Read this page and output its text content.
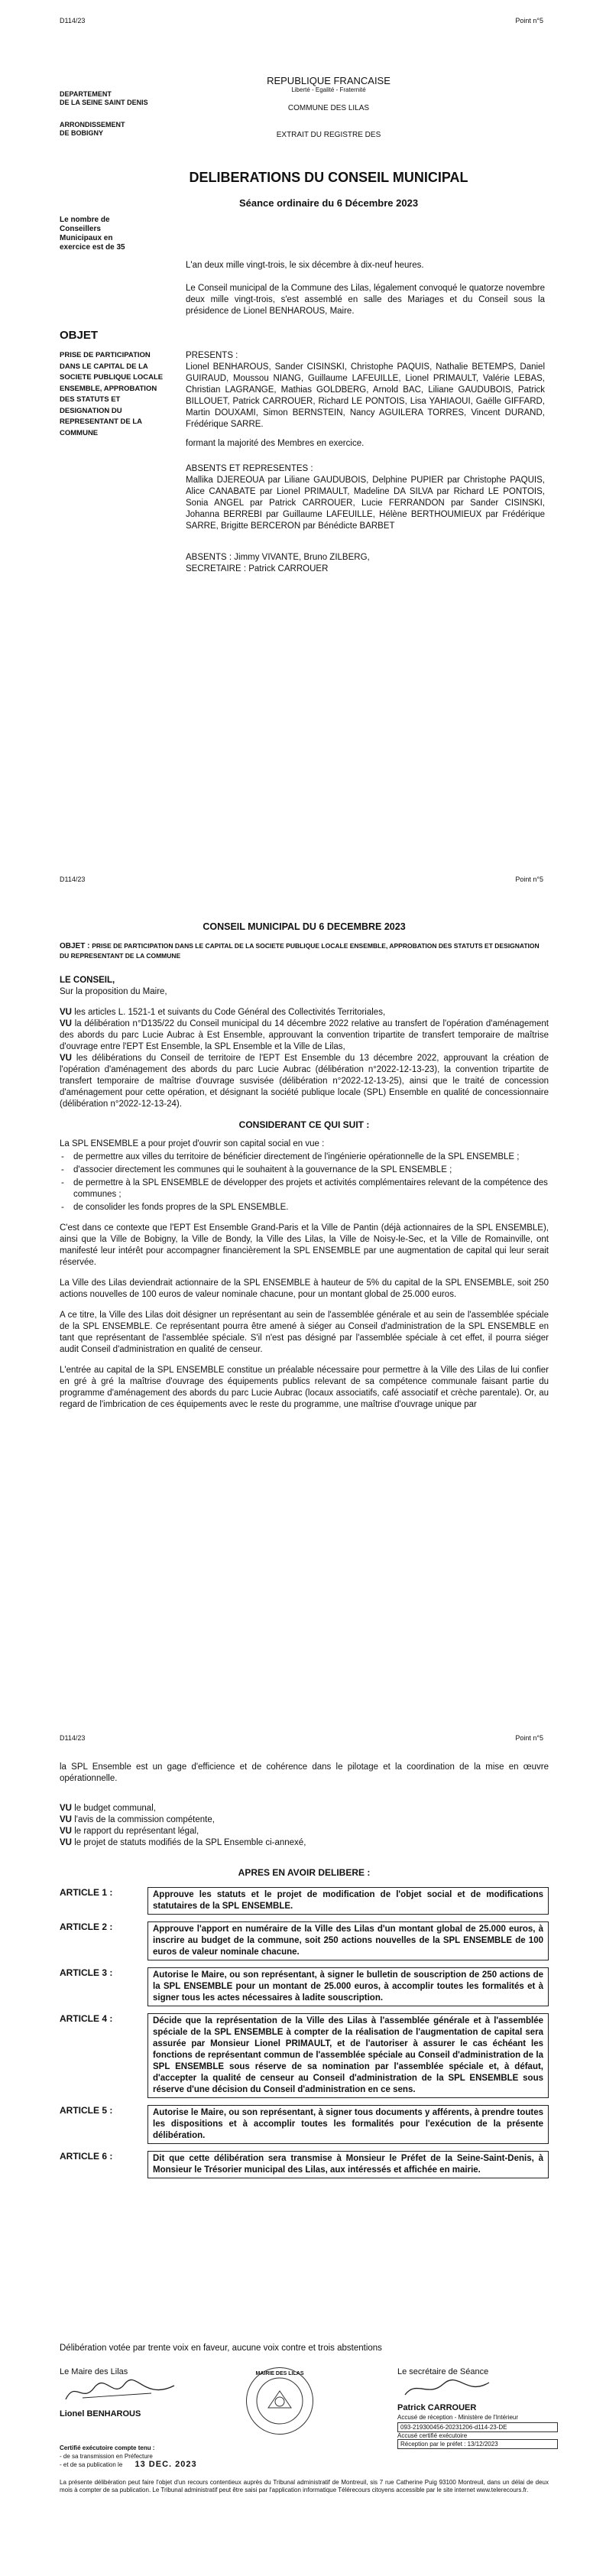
D114/23	Point n°5
DEPARTEMENT
DE LA SEINE SAINT DENIS
ARRONDISSEMENT
DE BOBIGNY
REPUBLIQUE FRANCAISE
Liberté - Egalité - Fraternité
COMMUNE DES LILAS
EXTRAIT DU REGISTRE DES
DELIBERATIONS DU CONSEIL MUNICIPAL
Séance ordinaire du 6 Décembre 2023
Le nombre de Conseillers Municipaux en exercice est de 35
L'an deux mille vingt-trois, le six décembre à dix-neuf heures.
Le Conseil municipal de la Commune des Lilas, légalement convoqué le quatorze novembre deux mille vingt-trois, s'est assemblé en salle des Mariages et du Conseil sous la présidence de Lionel BENHAROUS, Maire.
OBJET
PRISE DE PARTICIPATION DANS LE CAPITAL DE LA SOCIETE PUBLIQUE LOCALE ENSEMBLE, APPROBATION DES STATUTS ET DESIGNATION DU REPRESENTANT DE LA COMMUNE
PRESENTS :
Lionel BENHAROUS, Sander CISINSKI, Christophe PAQUIS, Nathalie BETEMPS, Daniel GUIRAUD, Moussou NIANG, Guillaume LAFEUILLE, Lionel PRIMAULT, Valérie LEBAS, Christian LAGRANGE, Mathias GOLDBERG, Arnold BAC, Liliane GAUDUBOIS, Patrick BILLOUET, Patrick CARROUER, Richard LE PONTOIS, Lisa YAHIAOUI, Gaëlle GIFFARD, Martin DOUXAMI, Simon BERNSTEIN, Nancy AGUILERA TORRES, Vincent DURAND, Frédérique SARRE.
formant la majorité des Membres en exercice.
ABSENTS ET REPRESENTES :
Mallika DJEREOUA par Liliane GAUDUBOIS, Delphine PUPIER par Christophe PAQUIS, Alice CANABATE par Lionel PRIMAULT, Madeline DA SILVA par Richard LE PONTOIS, Sonia ANGEL par Patrick CARROUER, Lucie FERRANDON par Sander CISINSKI, Johanna BERREBI par Guillaume LAFEUILLE, Hélène BERTHOUMIEUX par Frédérique SARRE, Brigitte BERCERON par Bénédicte BARBET
ABSENTS : Jimmy VIVANTE, Bruno ZILBERG,
SECRETAIRE : Patrick CARROUER
D114/23	Point n°5
CONSEIL MUNICIPAL DU 6 DECEMBRE 2023
OBJET : PRISE DE PARTICIPATION DANS LE CAPITAL DE LA SOCIETE PUBLIQUE LOCALE ENSEMBLE, APPROBATION DES STATUTS ET DESIGNATION DU REPRESENTANT DE LA COMMUNE
LE CONSEIL,
Sur la proposition du Maire,
VU les articles L. 1521-1 et suivants du Code Général des Collectivités Territoriales,
VU la délibération n°D135/22 du Conseil municipal du 14 décembre 2022 relative au transfert de l'opération d'aménagement des abords du parc Lucie Aubrac à Est Ensemble, approuvant la convention tripartite de transfert temporaire de maîtrise d'ouvrage entre l'EPT Est Ensemble, la SPL Ensemble et la Ville de Lilas,
VU les délibérations du Conseil de territoire de l'EPT Est Ensemble du 13 décembre 2022, approuvant la création de l'opération d'aménagement des abords du parc Lucie Aubrac (délibération n°2022-12-13-23), la convention tripartite de transfert temporaire de maîtrise d'ouvrage susvisée (délibération n°2022-12-13-25), ainsi que le traité de concession d'aménagement pour cette opération, et désignant la société publique locale (SPL) Ensemble en qualité de concessionnaire (délibération n°2022-12-13-24).
CONSIDERANT CE QUI SUIT :
La SPL ENSEMBLE a pour projet d'ouvrir son capital social en vue :
- de permettre aux villes du territoire de bénéficier directement de l'ingénierie opérationnelle de la SPL ENSEMBLE ;
- d'associer directement les communes qui le souhaitent à la gouvernance de la SPL ENSEMBLE ;
- de permettre à la SPL ENSEMBLE de développer des projets et activités complémentaires relevant de la compétence des communes ;
- de consolider les fonds propres de la SPL ENSEMBLE.
C'est dans ce contexte que l'EPT Est Ensemble Grand-Paris et la Ville de Pantin (déjà actionnaires de la SPL ENSEMBLE), ainsi que la Ville de Bobigny, la Ville de Bondy, la Ville des Lilas, la Ville de Noisy-le-Sec, et la Ville de Romainville, ont manifesté leur intérêt pour accompagner financièrement la SPL ENSEMBLE par une augmentation de capital qui leur serait réservée.
La Ville des Lilas deviendrait actionnaire de la SPL ENSEMBLE à hauteur de 5% du capital de la SPL ENSEMBLE, soit 250 actions nouvelles de 100 euros de valeur nominale chacune, pour un montant global de 25.000 euros.
A ce titre, la Ville des Lilas doit désigner un représentant au sein de l'assemblée générale et au sein de l'assemblée spéciale de la SPL ENSEMBLE. Ce représentant pourra être amené à siéger au Conseil d'administration de la SPL ENSEMBLE en tant que représentant de l'assemblée spéciale. S'il n'est pas désigné par l'assemblée spéciale à cet effet, il pourra siéger audit Conseil d'administration en qualité de censeur.
L'entrée au capital de la SPL ENSEMBLE constitue un préalable nécessaire pour permettre à la Ville des Lilas de lui confier en gré à gré la maîtrise d'ouvrage des équipements publics relevant de sa compétence communale faisant partie du programme d'aménagement des abords du parc Lucie Aubrac (locaux associatifs, café associatif et crèche parentale). Or, au regard de l'imbrication de ces équipements avec le reste du programme, une maîtrise d'ouvrage unique par
D114/23	Point n°5
la SPL Ensemble est un gage d'efficience et de cohérence dans le pilotage et la coordination de la mise en œuvre opérationnelle.
VU le budget communal,
VU l'avis de la commission compétente,
VU le rapport du représentant légal,
VU le projet de statuts modifiés de la SPL Ensemble ci-annexé,
APRES EN AVOIR DELIBERE :
ARTICLE 1 :	Approuve les statuts et le projet de modification de l'objet social et de modifications statutaires de la SPL ENSEMBLE.
ARTICLE 2 :	Approuve l'apport en numéraire de la Ville des Lilas d'un montant global de 25.000 euros, à inscrire au budget de la commune, soit 250 actions nouvelles de la SPL ENSEMBLE de 100 euros de valeur nominale chacune.
ARTICLE 3 :	Autorise le Maire, ou son représentant, à signer le bulletin de souscription de 250 actions de la SPL ENSEMBLE pour un montant de 25.000 euros, à accomplir toutes les formalités et à signer tous les actes nécessaires à ladite souscription.
ARTICLE 4 :	Décide que la représentation de la Ville des Lilas à l'assemblée générale et à l'assemblée spéciale de la SPL ENSEMBLE à compter de la réalisation de l'augmentation de capital sera assurée par Monsieur Lionel PRIMAULT, et de l'autoriser à assurer le cas échéant les fonctions de représentant commun de l'assemblée spéciale au Conseil d'administration de la SPL ENSEMBLE sous réserve de sa nomination par l'assemblée spéciale et, à défaut, d'accepter la qualité de censeur au Conseil d'administration de la SPL ENSEMBLE sous réserve d'une décision du Conseil d'administration en ce sens.
ARTICLE 5 :	Autorise le Maire, ou son représentant, à signer tous documents y afférents, à prendre toutes les dispositions et à accomplir toutes les formalités pour l'exécution de la présente délibération.
ARTICLE 6 :	Dit que cette délibération sera transmise à Monsieur le Préfet de la Seine-Saint-Denis, à Monsieur le Trésorier municipal des Lilas, aux intéressés et affichée en mairie.
Délibération votée par trente voix en faveur, aucune voix contre et trois abstentions
Le Maire des Lilas
Lionel BENHAROUS
MAIRIE DES LILAS	Le secrétaire de Séance
Patrick CARROUER
Accusé de réception - Ministère de l'Intérieur
093-219300456-20231206-d114-23-DE
Accusé certifié exécutoire
Réception par le préfet : 13/12/2023
Certifié exécutoire compte tenu :
- de sa transmission en Préfecture
- et de sa publication le 13 DEC. 2023
La présente délibération peut faire l'objet d'un recours contentieux auprès du Tribunal administratif de Montreuil, sis 7 rue Catherine Puig 93100 Montreuil, dans un délai de deux mois à compter de sa publication. Le Tribunal administratif peut être saisi par l'application informatique Télérecours citoyens accessible par le site internet www.telerecours.fr.
